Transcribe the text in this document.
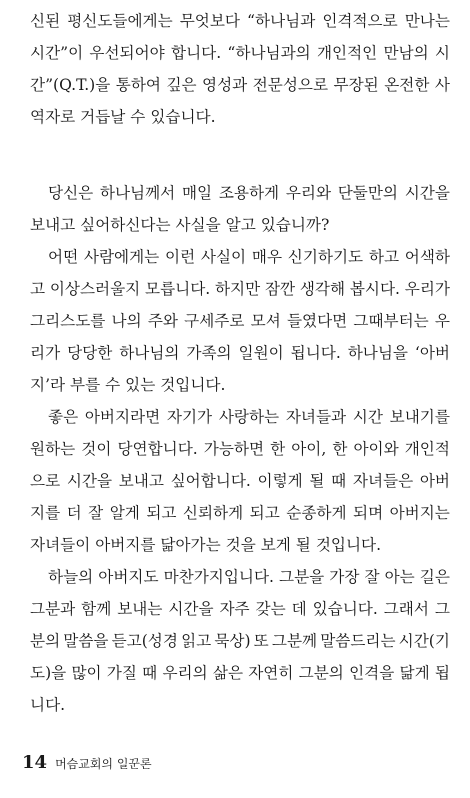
신된 평신도들에게는 무엇보다 “하나님과 인격적으로 만나는
시간”이 우선되어야 합니다. “하나님과의 개인적인 만남의 시
간”(Q.T.)을 통하여 깊은 영성과 전문성으로 무장된 온전한 사
역자로 거듭날 수 있습니다.
당신은 하나님께서 매일 조용하게 우리와 단둘만의 시간을
보내고 싶어하신다는 사실을 알고 있습니까?
어떤 사람에게는 이런 사실이 매우 신기하기도 하고 어색하
고 이상스러울지 모릅니다. 하지만 잠깐 생각해 봅시다. 우리가
그리스도를 나의 주와 구세주로 모셔 들였다면 그때부터는 우
리가 당당한 하나님의 가족의 일원이 됩니다. 하나님을 ‘아버
지’라 부를 수 있는 것입니다.
좋은 아버지라면 자기가 사랑하는 자녀들과 시간 보내기를
원하는 것이 당연합니다. 가능하면 한 아이, 한 아이와 개인적
으로 시간을 보내고 싶어합니다. 이렇게 될 때 자녀들은 아버
지를 더 잘 알게 되고 신뢰하게 되고 순종하게 되며 아버지는
자녀들이 아버지를 닮아가는 것을 보게 될 것입니다.
하늘의 아버지도 마찬가지입니다. 그분을 가장 잘 아는 길은
그분과 함께 보내는 시간을 자주 갖는 데 있습니다. 그래서 그
분의 말씀을 듣고(성경 읽고 묵상) 또 그분께 말씀드리는 시간(기
도)을 많이 가질 때 우리의 삶은 자연히 그분의 인격을 닮게 됩
니다.
14 머슴교회의 일꾼론
